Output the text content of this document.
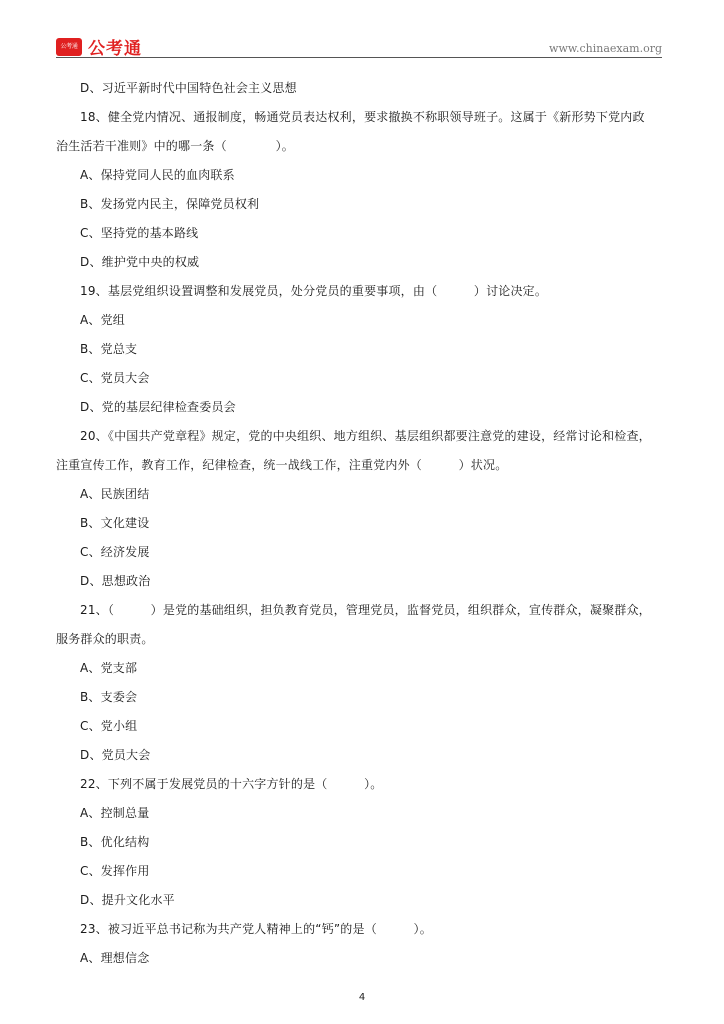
公考通 公考通	www.chinaexam.org
D、习近平新时代中国特色社会主义思想
18、健全党内情况、通报制度，畅通党员表达权利，要求撤换不称职领导班子。这属于《新形势下党内政
治生活若干准则》中的哪一条（　　　　）。
A、保持党同人民的血肉联系
B、发扬党内民主，保障党员权利
C、坚持党的基本路线
D、维护党中央的权威
19、基层党组织设置调整和发展党员，处分党员的重要事项，由（　　　）讨论决定。
A、党组
B、党总支
C、党员大会
D、党的基层纪律检查委员会
20、《中国共产党章程》规定，党的中央组织、地方组织、基层组织都要注意党的建设，经常讨论和检查，
注重宣传工作，教育工作，纪律检查，统一战线工作，注重党内外（　　　）状况。
A、民族团结
B、文化建设
C、经济发展
D、思想政治
21、（　　　）是党的基础组织，担负教育党员，管理党员，监督党员，组织群众，宣传群众，凝聚群众，
服务群众的职责。
A、党支部
B、支委会
C、党小组
D、党员大会
22、下列不属于发展党员的十六字方针的是（　　　）。
A、控制总量
B、优化结构
C、发挥作用
D、提升文化水平
23、被习近平总书记称为共产党人精神上的“钙”的是（　　　）。
A、理想信念
4
